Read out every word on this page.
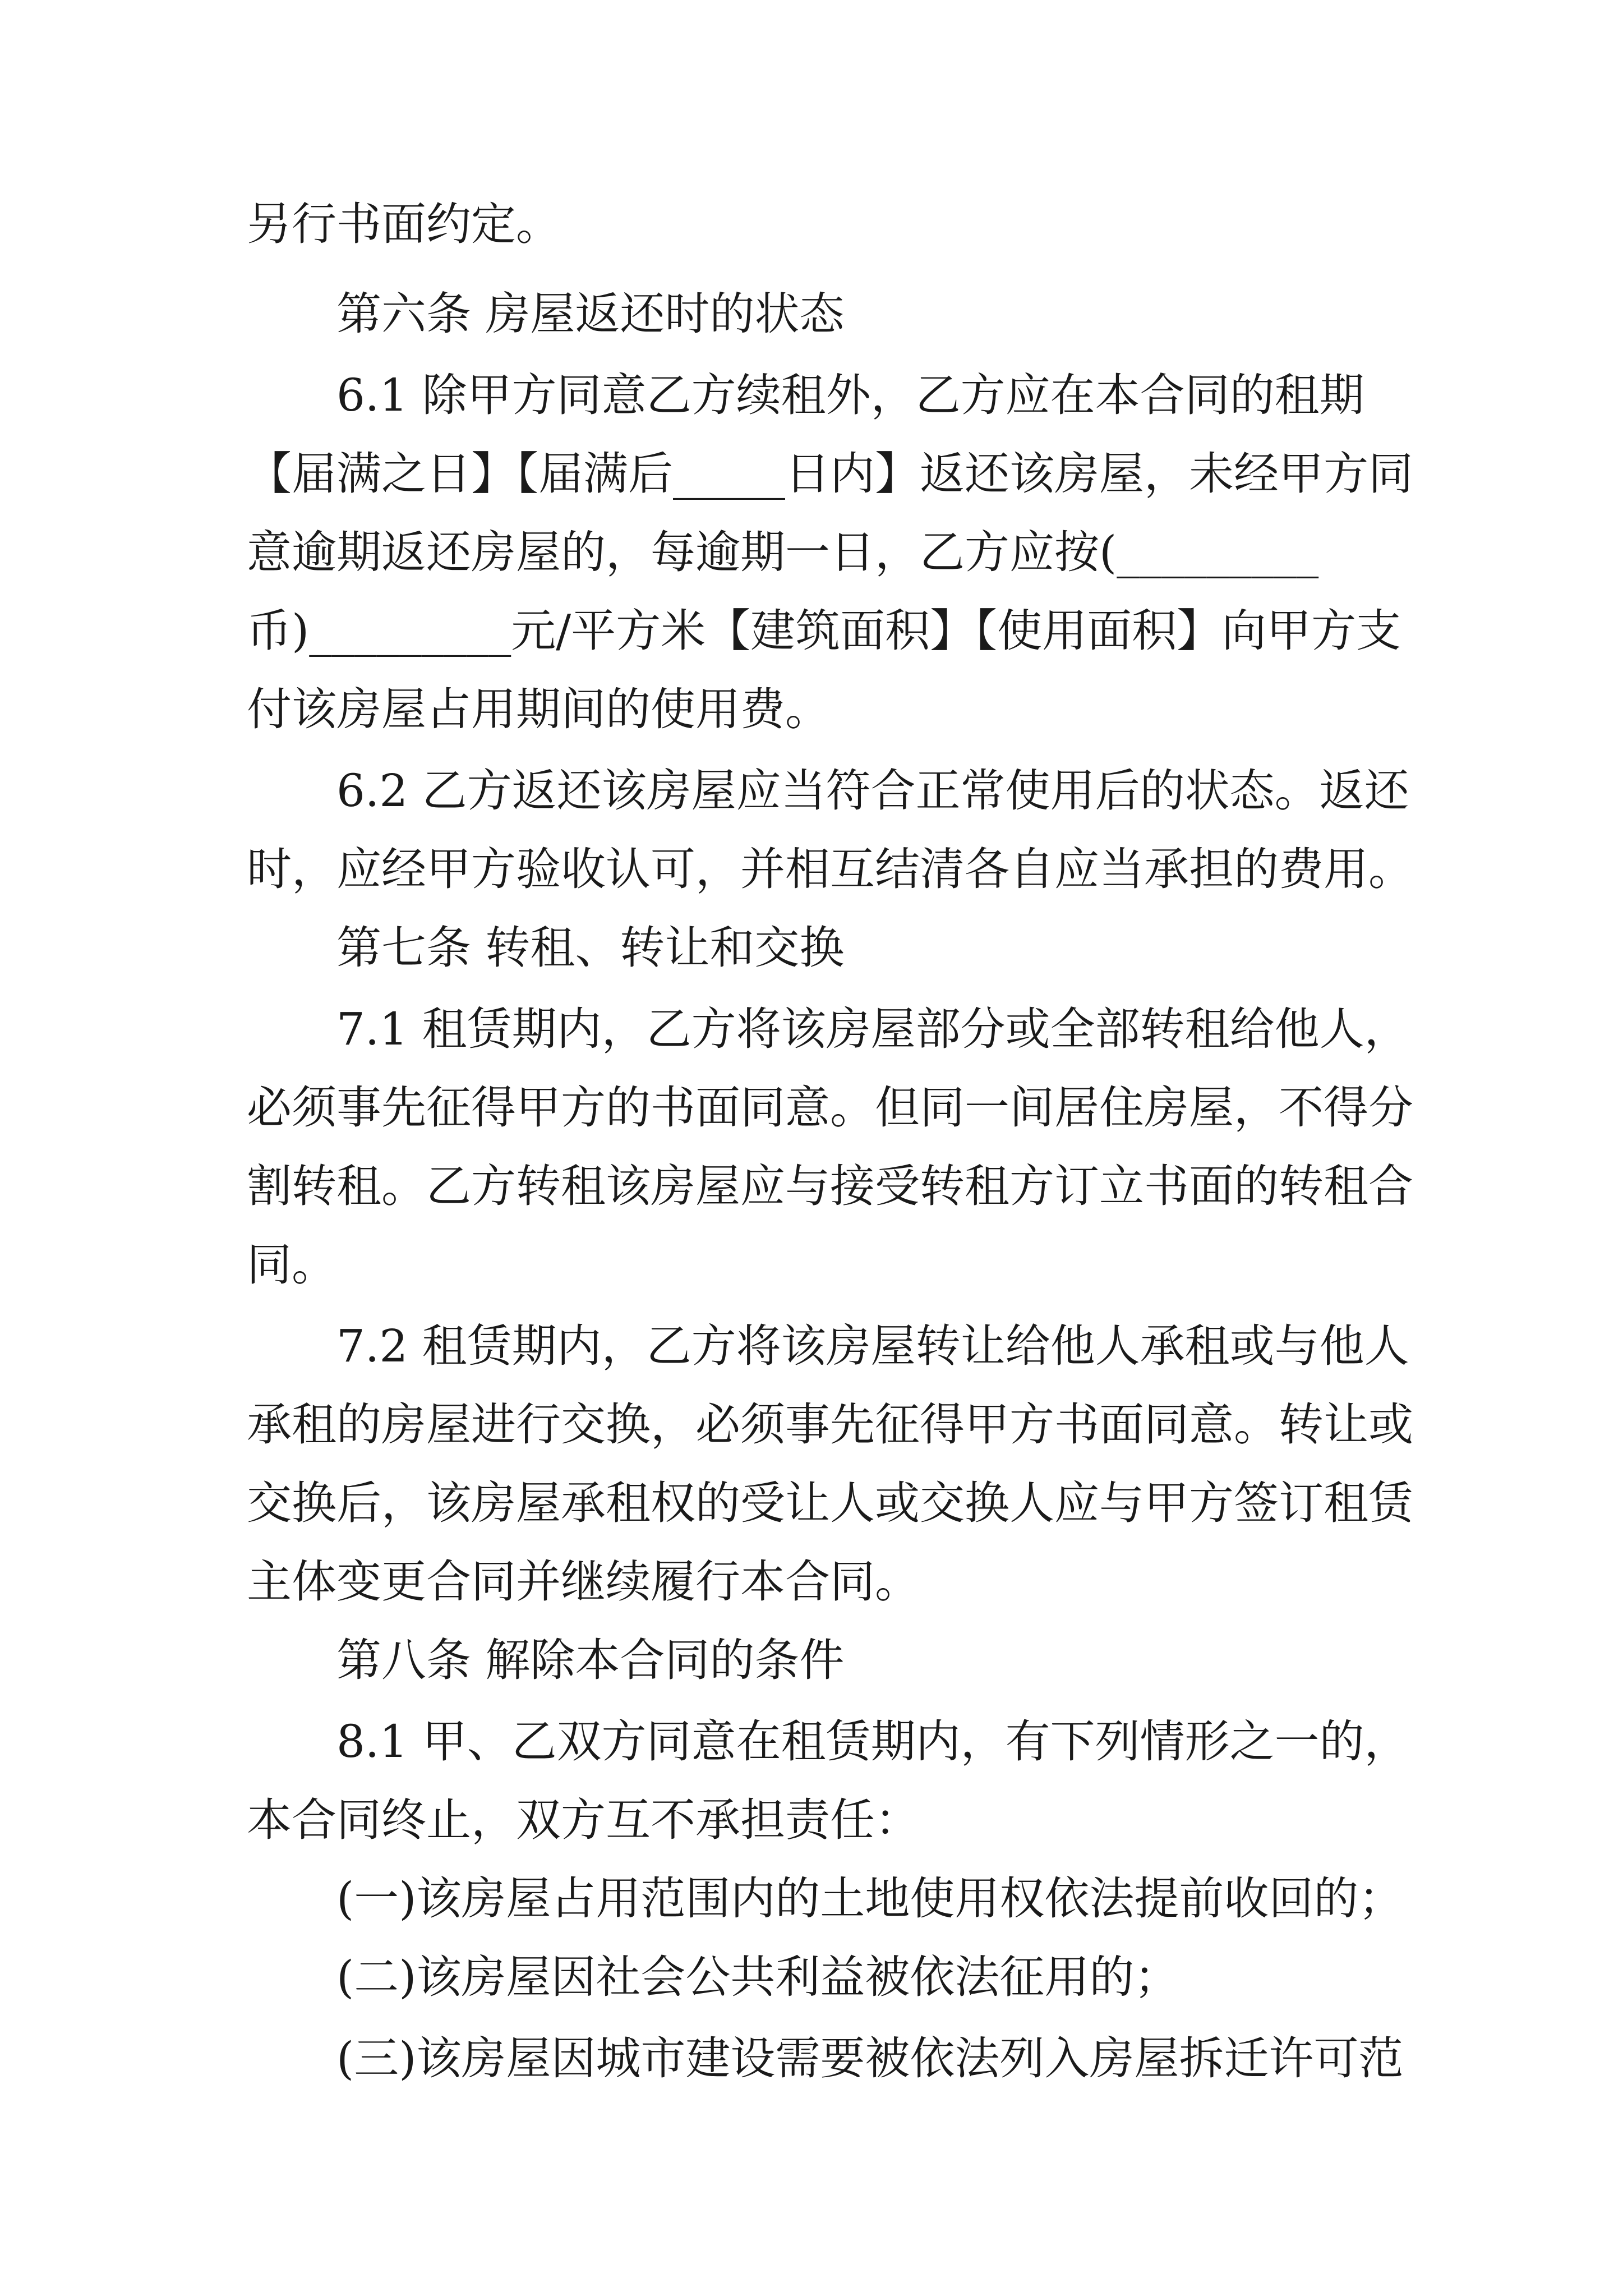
另行书面约定。
　　第六条 房屋返还时的状态
　　6.1 除甲方同意乙方续租外，乙方应在本合同的租期
【届满之日】【届满后_____日内】返还该房屋，未经甲方同
意逾期返还房屋的，每逾期一日，乙方应按(_________
币)_________元/平方米【建筑面积】【使用面积】向甲方支
付该房屋占用期间的使用费。
　　6.2 乙方返还该房屋应当符合正常使用后的状态。返还
时，应经甲方验收认可，并相互结清各自应当承担的费用。
　　第七条 转租、转让和交换
　　7.1 租赁期内，乙方将该房屋部分或全部转租给他人，
必须事先征得甲方的书面同意。但同一间居住房屋，不得分
割转租。乙方转租该房屋应与接受转租方订立书面的转租合
同。
　　7.2 租赁期内，乙方将该房屋转让给他人承租或与他人
承租的房屋进行交换，必须事先征得甲方书面同意。转让或
交换后，该房屋承租权的受让人或交换人应与甲方签订租赁
主体变更合同并继续履行本合同。
　　第八条 解除本合同的条件
　　8.1 甲、乙双方同意在租赁期内，有下列情形之一的，
本合同终止，双方互不承担责任：
　　(一)该房屋占用范围内的土地使用权依法提前收回的；
　　(二)该房屋因社会公共利益被依法征用的；
　　(三)该房屋因城市建设需要被依法列入房屋拆迁许可范
